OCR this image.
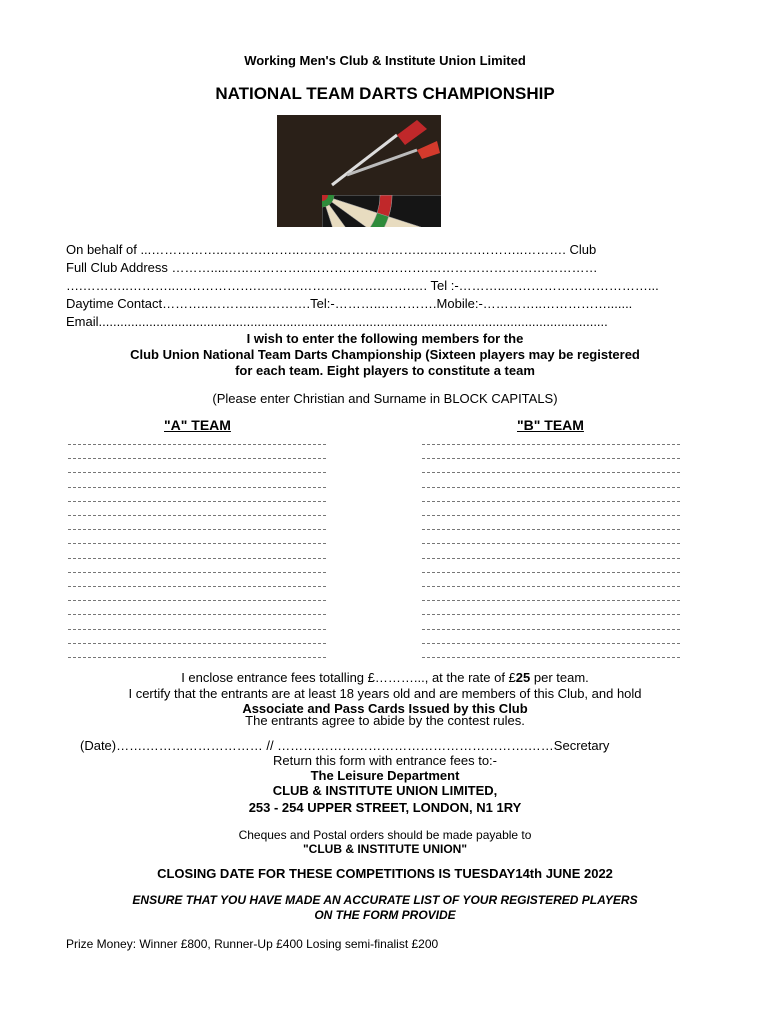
Working Men's Club & Institute Union Limited
NATIONAL TEAM DARTS CHAMPIONSHIP
On behalf of ...……………..……….……..………………………..…...…….………..………. Club
Full Club Address ……….....…..…………..……………………….…………………………………
….………..………..……………….……….……………….…….…. Tel :-………..……………………………...
Daytime Contact………..………..………….Tel:-………..………….Mobile:-…………..…………….......
Email.............................................................................................................................................
I wish to enter the following members for the
Club Union National Team Darts Championship (Sixteen players may be registered
for each team. Eight players to constitute a team
(Please enter Christian and Surname in BLOCK CAPITALS)
"A" TEAM	"B" TEAM
I enclose entrance fees totalling £………..., at the rate of £25 per team.
I certify that the entrants are at least 18 years old and are members of this Club, and hold
Associate and Pass Cards Issued by this Club
The entrants agree to abide by the contest rules.
(Date)…….……………………… // ………………………………………………….……Secretary
Return this form with entrance fees to:-
The Leisure Department
CLUB & INSTITUTE UNION LIMITED,
253 - 254 UPPER STREET, LONDON, N1 1RY
Cheques and Postal orders should be made payable to
"CLUB & INSTITUTE UNION"
CLOSING DATE FOR THESE COMPETITIONS IS TUESDAY14th JUNE 2022
ENSURE THAT YOU HAVE MADE AN ACCURATE LIST OF YOUR REGISTERED PLAYERS
ON THE FORM PROVIDE
Prize Money: Winner £800, Runner-Up £400 Losing semi-finalist £200
